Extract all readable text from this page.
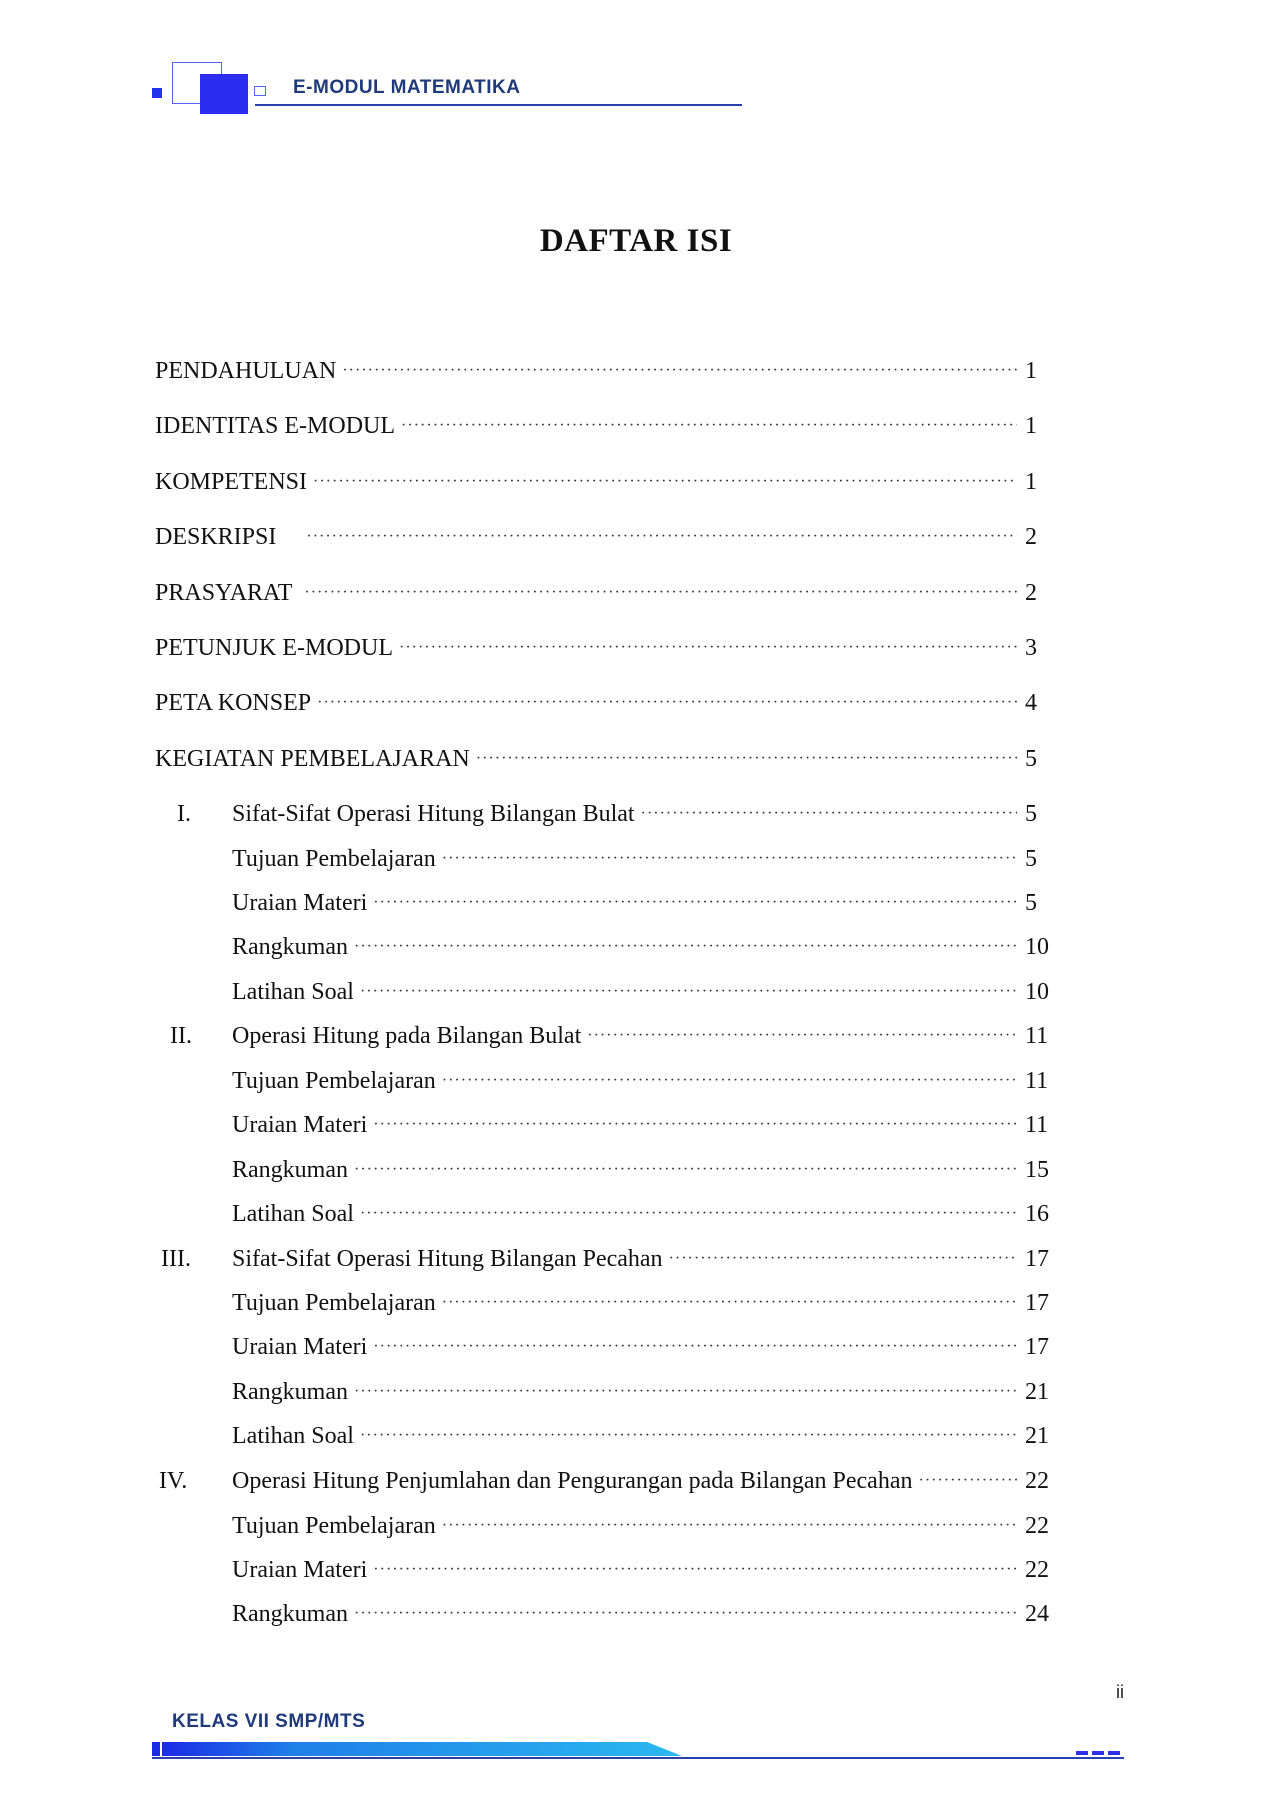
E-MODUL MATEMATIKA
DAFTAR ISI
PENDAHULUAN ·····	1
IDENTITAS E-MODUL ·····	1
KOMPETENSI ·····	1
DESKRIPSI ·····	2
PRASYARAT ·····	2
PETUNJUK E-MODUL ·····	3
PETA KONSEP ·····	4
KEGIATAN PEMBELAJARAN ·····	5
I. Sifat-Sifat Operasi Hitung Bilangan Bulat ·····	5
Tujuan Pembelajaran ·····	5
Uraian Materi ·····	5
Rangkuman ·····	10
Latihan Soal ·····	10
II. Operasi Hitung pada Bilangan Bulat ·····	11
Tujuan Pembelajaran ·····	11
Uraian Materi ·····	11
Rangkuman ·····	15
Latihan Soal ·····	16
III. Sifat-Sifat Operasi Hitung Bilangan Pecahan ·····	17
Tujuan Pembelajaran ·····	17
Uraian Materi ·····	17
Rangkuman ·····	21
Latihan Soal ·····	21
IV. Operasi Hitung Penjumlahan dan Pengurangan pada Bilangan Pecahan ·····	22
Tujuan Pembelajaran ·····	22
Uraian Materi ·····	22
Rangkuman ·····	24
ii
KELAS VII SMP/MTS
